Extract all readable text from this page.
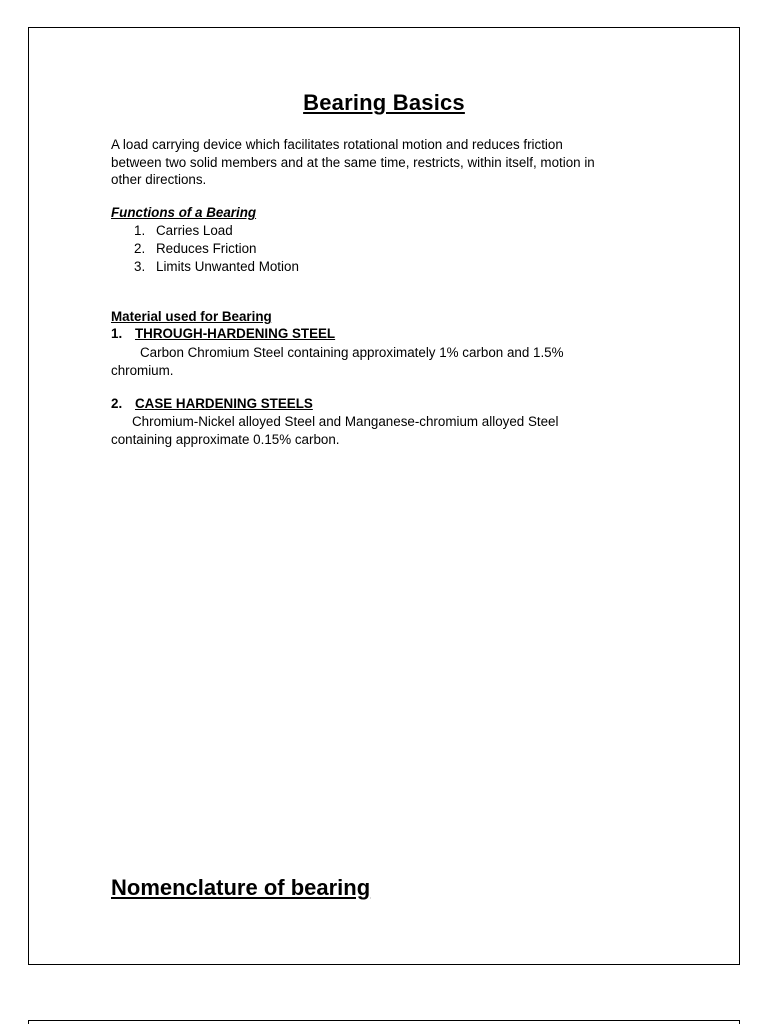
Bearing Basics
A load carrying device which facilitates rotational motion and reduces friction
between two solid members and at the same time, restricts, within itself, motion in
other directions.
Functions of a Bearing
1. Carries Load
2. Reduces Friction
3. Limits Unwanted Motion
Material used for Bearing
1. THROUGH-HARDENING STEEL
Carbon Chromium Steel containing approximately 1% carbon and 1.5%
chromium.
2. CASE HARDENING STEELS
Chromium-Nickel alloyed Steel and Manganese-chromium alloyed Steel
containing approximate 0.15% carbon.
Nomenclature of bearing
